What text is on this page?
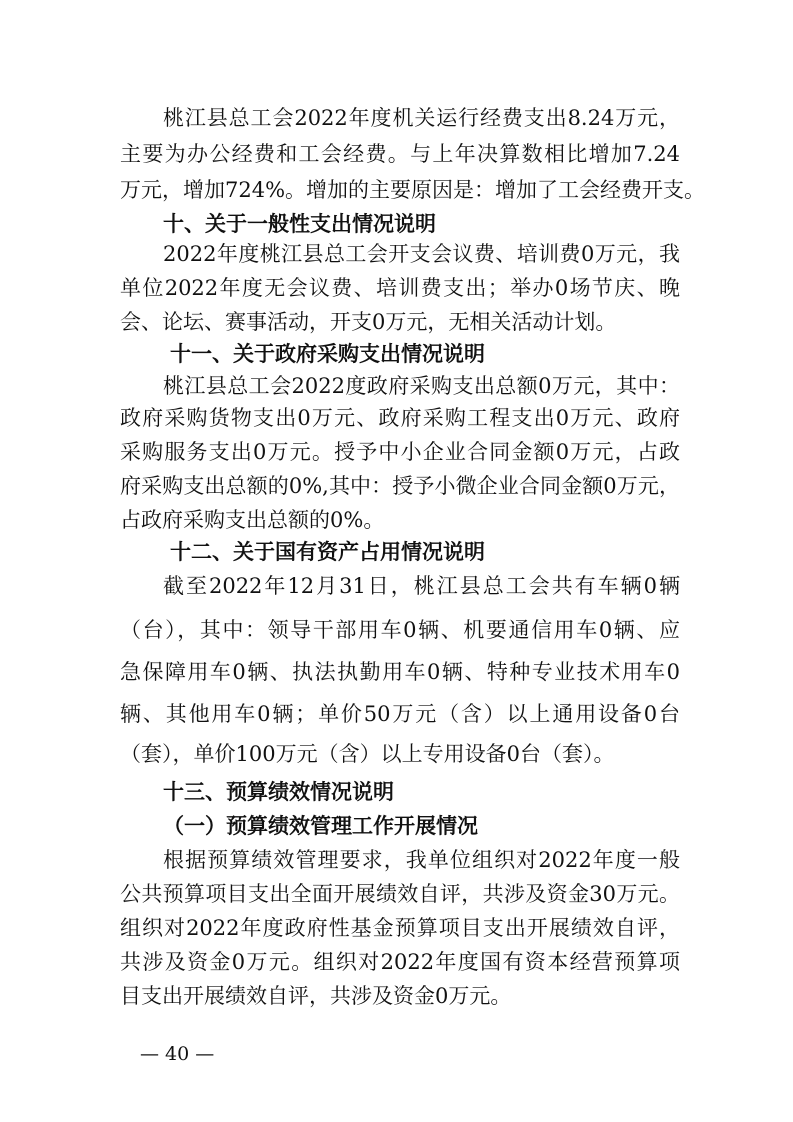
桃江县总工会2022年度机关运行经费支出8.24万元，
主要为办公经费和工会经费。与上年决算数相比增加7.24
万元，增加724%。增加的主要原因是：增加了工会经费开支。
十、关于一般性支出情况说明
2022年度桃江县总工会开支会议费、培训费0万元，我
单位2022年度无会议费、培训费支出；举办0场节庆、晚
会、论坛、赛事活动，开支0万元，无相关活动计划。
十一、关于政府采购支出情况说明
桃江县总工会2022度政府采购支出总额0万元，其中：
政府采购货物支出0万元、政府采购工程支出0万元、政府
采购服务支出0万元。授予中小企业合同金额0万元，占政
府采购支出总额的0%,其中：授予小微企业合同金额0万元，
占政府采购支出总额的0%。
十二、关于国有资产占用情况说明
截至2022年12月31日，桃江县总工会共有车辆0辆
（台），其中：领导干部用车0辆、机要通信用车0辆、应
急保障用车0辆、执法执勤用车0辆、特种专业技术用车0
辆、其他用车0辆；单价50万元（含）以上通用设备0台
（套），单价100万元（含）以上专用设备0台（套）。
十三、预算绩效情况说明
（一）预算绩效管理工作开展情况
根据预算绩效管理要求，我单位组织对2022年度一般
公共预算项目支出全面开展绩效自评，共涉及资金30万元。
组织对2022年度政府性基金预算项目支出开展绩效自评，
共涉及资金0万元。组织对2022年度国有资本经营预算项
目支出开展绩效自评，共涉及资金0万元。
— 40 —
